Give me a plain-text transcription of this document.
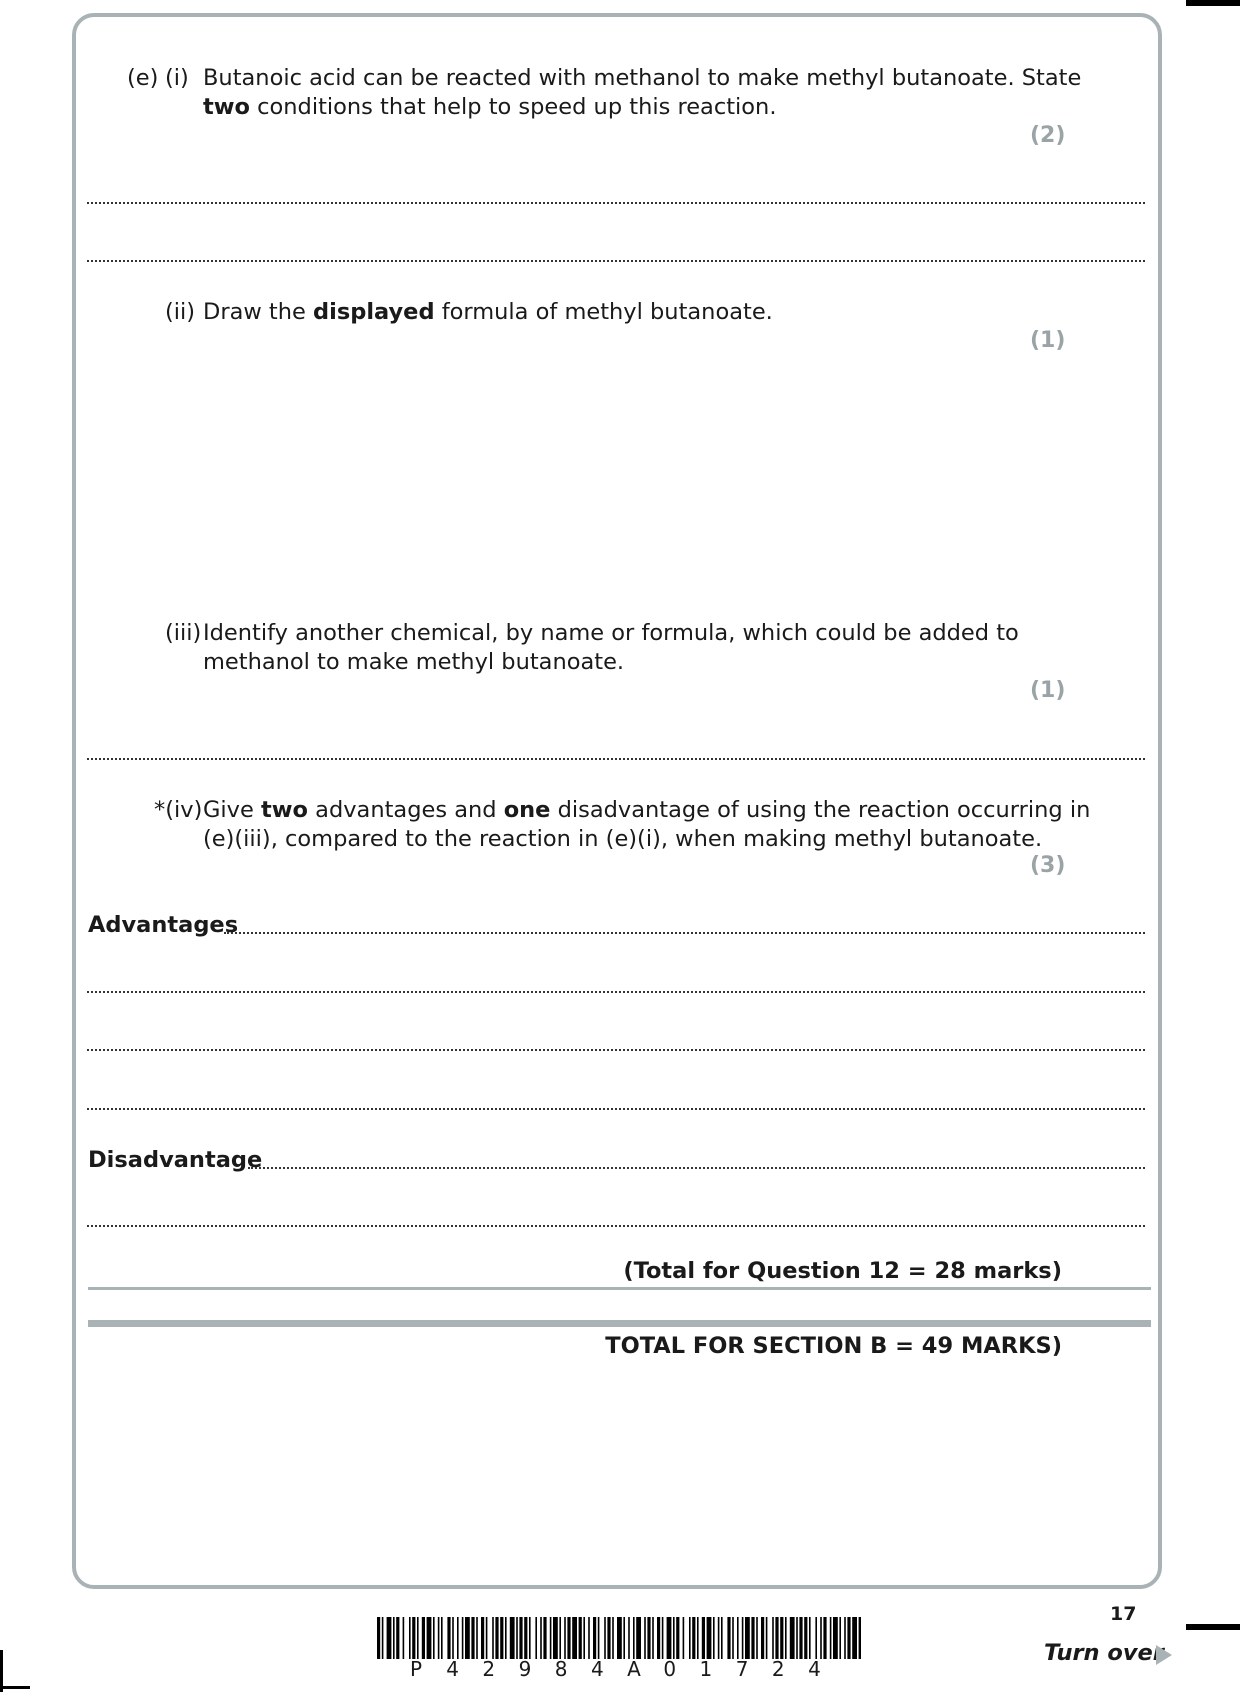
(e) (i) Butanoic acid can be reacted with methanol to make methyl butanoate. State
two conditions that help to speed up this reaction.
(2)
(ii) Draw the displayed formula of methyl butanoate.
(1)
(iii) Identify another chemical, by name or formula, which could be added to
methanol to make methyl butanoate.
(1)
*(iv) Give two advantages and one disadvantage of using the reaction occurring in
(e)(iii), compared to the reaction in (e)(i), when making methyl butanoate.
(3)
Advantages
Disadvantage
(Total for Question 12 = 28 marks)
TOTAL FOR SECTION B = 49 MARKS)
17
P 4 2 9 8 4 A 0 1 7 2 4
Turn over
